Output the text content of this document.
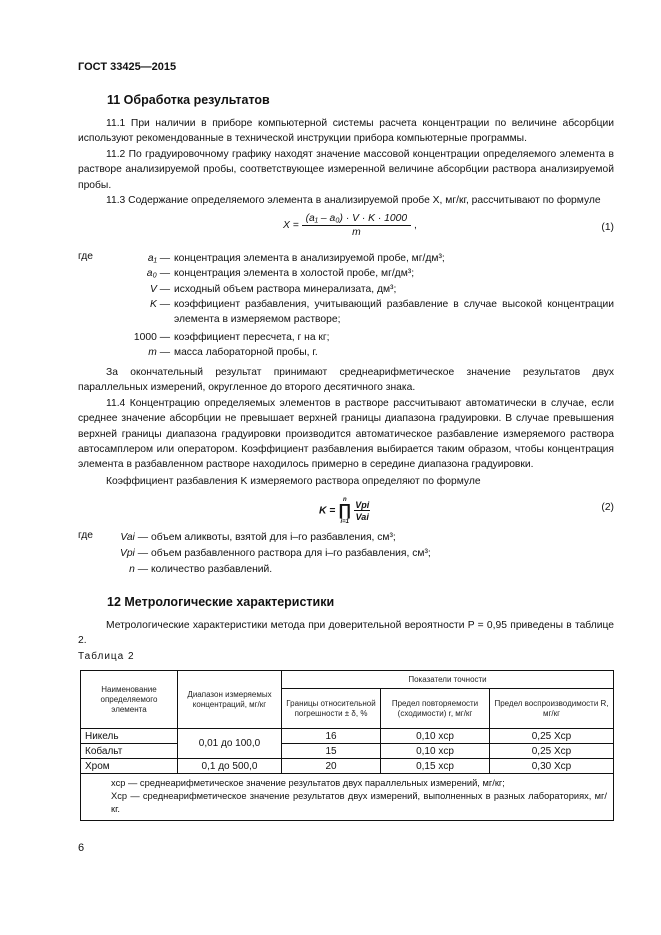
ГОСТ 33425—2015
11 Обработка результатов
11.1 При наличии в приборе компьютерной системы расчета концентрации по величине абсорбции используют рекомендованные в технической инструкции прибора компьютерные программы.
11.2 По градуировочному графику находят значение массовой концентрации определяемого элемента в растворе анализируемой пробы, соответствующее измеренной величине абсорбции раствора анализируемой пробы.
11.3 Содержание определяемого элемента в анализируемой пробе X, мг/кг, рассчитывают по формуле
$X = \frac{\text{(a₁ – a₀) · V · K · 1000}}{m}$ ,	(1)
где	a₁ — концентрация элемента в анализируемой пробе, мг/дм³;
a₀ — концентрация элемента в холостой пробе, мг/дм³;
V — исходный объем раствора минерализата, дм³;
K — коэффициент разбавления, учитывающий разбавление в случае высокой концентрации элемента в измеряемом растворе;
1000 — коэффициент пересчета, г на кг;
m — масса лабораторной пробы, г.
За окончательный результат принимают среднеарифметическое значение результатов двух параллельных измерений, округленное до второго десятичного знака.
11.4 Концентрацию определяемых элементов в растворе рассчитывают автоматически в случае, если среднее значение абсорбции не превышает верхней границы диапазона градуировки. В случае превышения верхней границы диапазона градуировки производится автоматическое разбавление измеряемого раствора автосамплером или оператором. Коэффициент разбавления выбирается таким образом, чтобы концентрация элемента в разбавленном растворе находилось примерно в середине диапазона градуировки.
Коэффициент разбавления K измеряемого раствора определяют по формуле
K =
n
∏
i=1
$\frac{\text{Vpi}}{\text{Vai}}$	(2)
где	Vai — объем аликвоты, взятой для i–го разбавления, см³;
Vpi — объем разбавленного раствора для i–го разбавления, см³;
n — количество разбавлений.
12 Метрологические характеристики
Метрологические характеристики метода при доверительной вероятности P = 0,95 приведены в таблице 2.
Таблица 2
Наименование определяемого элемента	Диапазон измеряемых концентраций, мг/кг	Показатели точности		
		Границы относительной погрешности ± δ, %	Предел повторяемости (сходимости) r, мг/кг	Предел воспроизводимости R, мг/кг
Никель	0,01 до 100,0	16	0,10 xср	0,25 Xср
Кобальт		15	0,10 xср	0,25 Xср
Хром	0,1 до 500,0	20	0,15 xср	0,30 Xср

xср — среднеарифметическое значение результатов двух параллельных измерений, мг/кг;
Xср — среднеарифметическое значение результатов двух измерений, выполненных в разных лабораториях, мг/кг.				
6
